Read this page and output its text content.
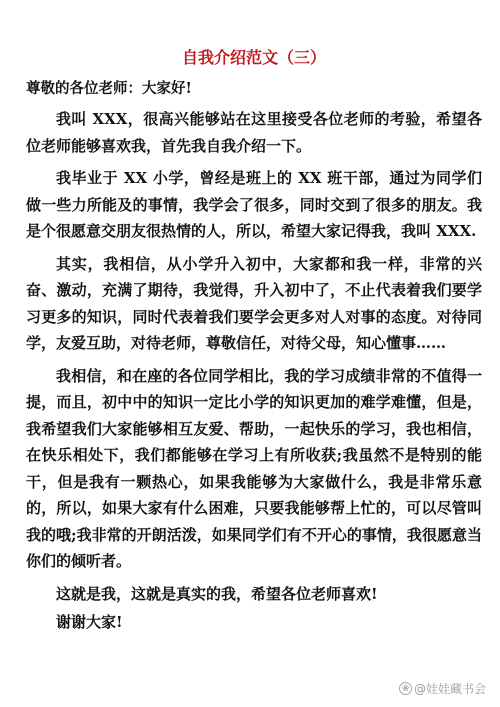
自我介绍范文（三）
尊敬的各位老师：大家好!

我叫 XXX，很高兴能够站在这里接受各位老师的考验，希望各位老师能够喜欢我，首先我自我介绍一下。

我毕业于 XX 小学，曾经是班上的 XX 班干部，通过为同学们做一些力所能及的事情，我学会了很多，同时交到了很多的朋友。我是个很愿意交朋友很热情的人，所以，希望大家记得我，我叫 XXX.

其实，我相信，从小学升入初中，大家都和我一样，非常的兴奋、激动，充满了期待，我觉得，升入初中了，不止代表着我们要学习更多的知识，同时代表着我们要学会更多对人对事的态度。对待同学，友爱互助，对待老师，尊敬信任，对待父母，知心懂事……

我相信，和在座的各位同学相比，我的学习成绩非常的不值得一提，而且，初中中的知识一定比小学的知识更加的难学难懂，但是，我希望我们大家能够相互友爱、帮助，一起快乐的学习，我也相信，在快乐相处下，我们都能够在学习上有所收获;我虽然不是特别的能干，但是我有一颗热心，如果我能够为大家做什么，我是非常乐意的，所以，如果大家有什么困难，只要我能够帮上忙的，可以尽管叫我的哦;我非常的开朗活泼，如果同学们有不开心的事情，我很愿意当你们的倾听者。

这就是我，这就是真实的我，希望各位老师喜欢!

谢谢大家!

❀ @娃娃藏书会
